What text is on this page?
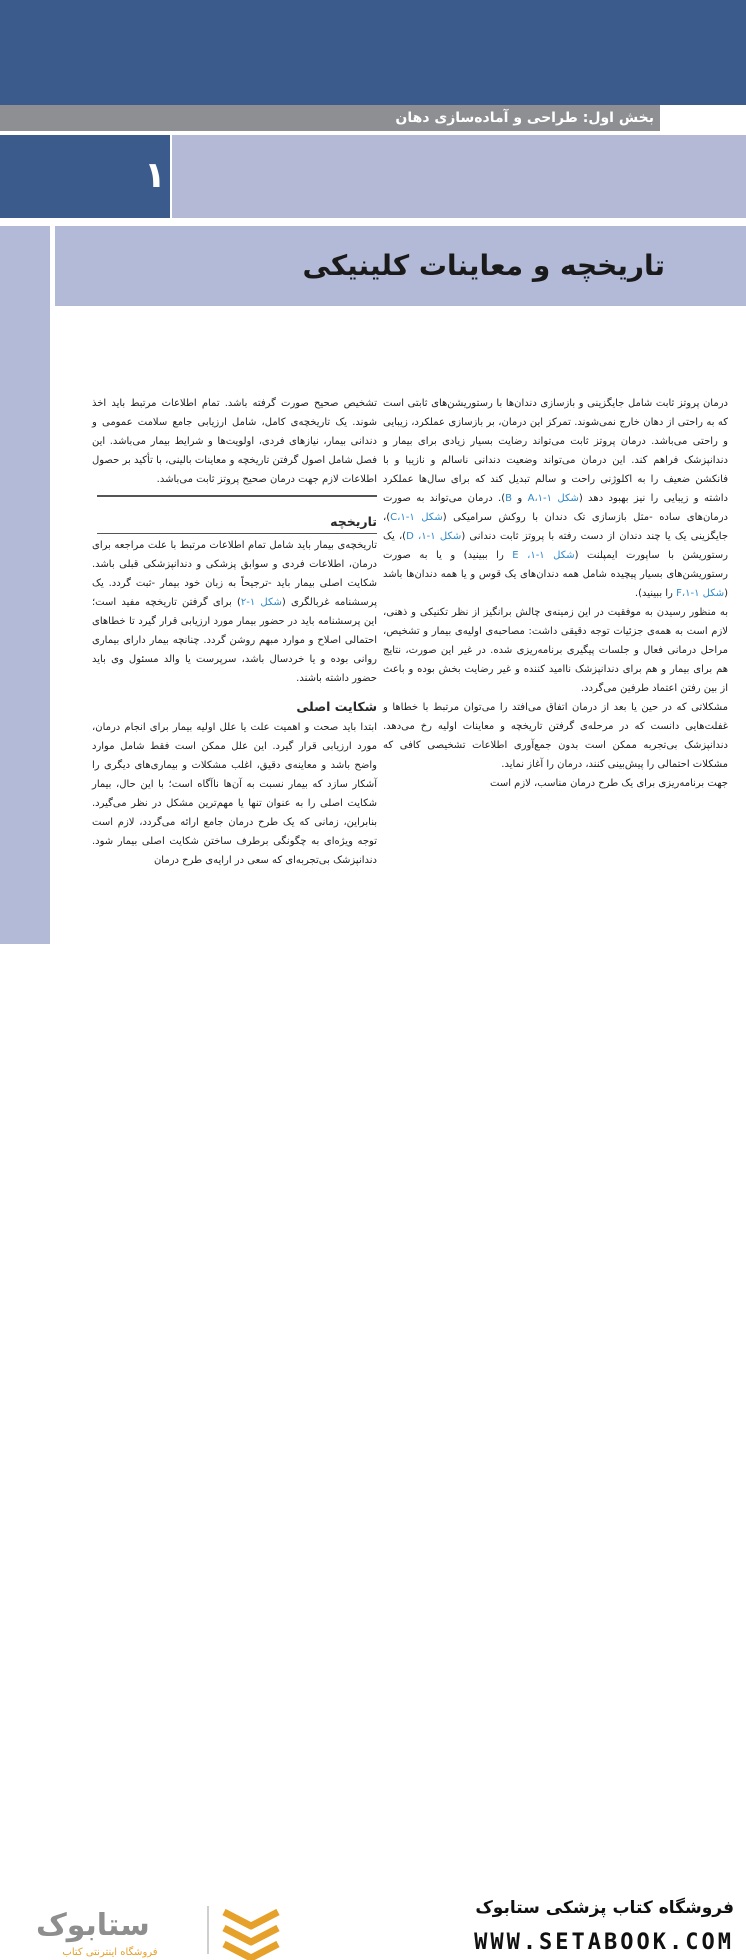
بخش اول: طراحی و آماده‌سازی دهان
۱
تاریخچه و معاینات کلینیکی

درمان پروتز ثابت شامل جایگزینی و بازسازی دندان‌ها با رستوریشن‌های ثابتی است که به راحتی از دهان خارج نمی‌شوند. تمرکز این درمان، بر بازسازی عملکرد، زیبایی و راحتی می‌باشد. درمان پروتز ثابت می‌تواند رضایت بسیار زیادی برای بیمار و دندانپزشک فراهم کند. این درمان می‌تواند وضعیت دندانی ناسالم و نازیبا و با فانکشن ضعیف را به اکلوژنی راحت و سالم تبدیل کند که برای سال‌ها عملکرد داشته و زیبایی را نیز بهبود دهد (شکل ۱-۱،A و B). درمان می‌تواند به صورت درمان‌های ساده -مثل بازسازی تک دندان با روکش سرامیکی (شکل ۱-۱،C)، جایگزینی یک یا چند دندان از دست رفته با پروتز ثابت دندانی (شکل ۱-۱، D)، یک رستوریشن با ساپورت ایمپلنت (شکل ۱-۱، E را ببینید) و یا به صورت رستوریشن‌های بسیار پیچیده شامل همه دندان‌های یک قوس و یا همه دندان‌ها باشد (شکل ۱-۱،F را ببینید).

به منظور رسیدن به موفقیت در این زمینه‌ی چالش برانگیز از نظر تکنیکی و ذهنی، لازم است به همه‌ی جزئیات توجه دقیقی داشت: مصاحبه‌ی اولیه‌ی بیمار و تشخیص، مراحل درمانی فعال و جلسات پیگیری برنامه‌ریزی شده. در غیر این صورت، نتایج هم برای بیمار و هم برای دندانپزشک ناامید کننده و غیر رضایت بخش بوده و باعث از بین رفتن اعتماد طرفین می‌گردد.

مشکلاتی که در حین یا بعد از درمان اتفاق می‌افتد را می‌توان مرتبط با خطاها و غفلت‌هایی دانست که در مرحله‌ی گرفتن تاریخچه و معاینات اولیه رخ می‌دهد. دندانپزشک بی‌تجربه ممکن است بدون جمع‌آوری اطلاعات تشخیصی کافی که مشکلات احتمالی را پیش‌بینی کنند، درمان را آغاز نماید.

جهت برنامه‌ریزی برای یک طرح درمان مناسب، لازم است

تشخیص صحیح صورت گرفته باشد. تمام اطلاعات مرتبط باید اخذ شوند. یک تاریخچه‌ی کامل، شامل ارزیابی جامع سلامت عمومی و دندانی بیمار، نیازهای فردی، اولویت‌ها و شرایط بیمار می‌باشد. این فصل شامل اصول گرفتن تاریخچه و معاینات بالینی، با تأکید بر حصول اطلاعات لازم جهت درمان صحیح پروتز ثابت می‌باشد.

تاریخچه

تاریخچه‌ی بیمار باید شامل تمام اطلاعات مرتبط با علت مراجعه برای درمان، اطلاعات فردی و سوابق پزشکی و دندانپزشکی قبلی باشد. شکایت اصلی بیمار باید -ترجیحاً به زبان خود بیمار -ثبت گردد. یک پرسشنامه غربالگری (شکل ۱-۲) برای گرفتن تاریخچه مفید است؛ این پرسشنامه باید در حضور بیمار مورد ارزیابی قرار گیرد تا خطاهای احتمالی اصلاح و موارد مبهم روشن گردد. چنانچه بیمار دارای بیماری روانی بوده و یا خردسال باشد، سرپرست یا والد مسئول وی باید حضور داشته باشند.

شکایت اصلی

ابتدا باید صحت و اهمیت علت یا علل اولیه بیمار برای انجام درمان، مورد ارزیابی قرار گیرد. این علل ممکن است فقط شامل موارد واضح باشد و معاینه‌ی دقیق، اغلب مشکلات و بیماری‌های دیگری را آشکار سازد که بیمار نسبت به آن‌ها ناآگاه است؛ با این حال، بیمار شکایت اصلی را به عنوان تنها یا مهم‌ترین مشکل در نظر می‌گیرد. بنابراین، زمانی که یک طرح درمان جامع ارائه می‌گردد، لازم است توجه ویژه‌ای به چگونگی برطرف ساختن شکایت اصلی بیمار شود. دندانپزشک بی‌تجربه‌ای که سعی در ارایه‌ی طرح درمان

ستابوک
فروشگاه اینترنتی کتاب
فروشگاه کتاب پزشکی ستابوک
WWW.SETABOOK.COM
